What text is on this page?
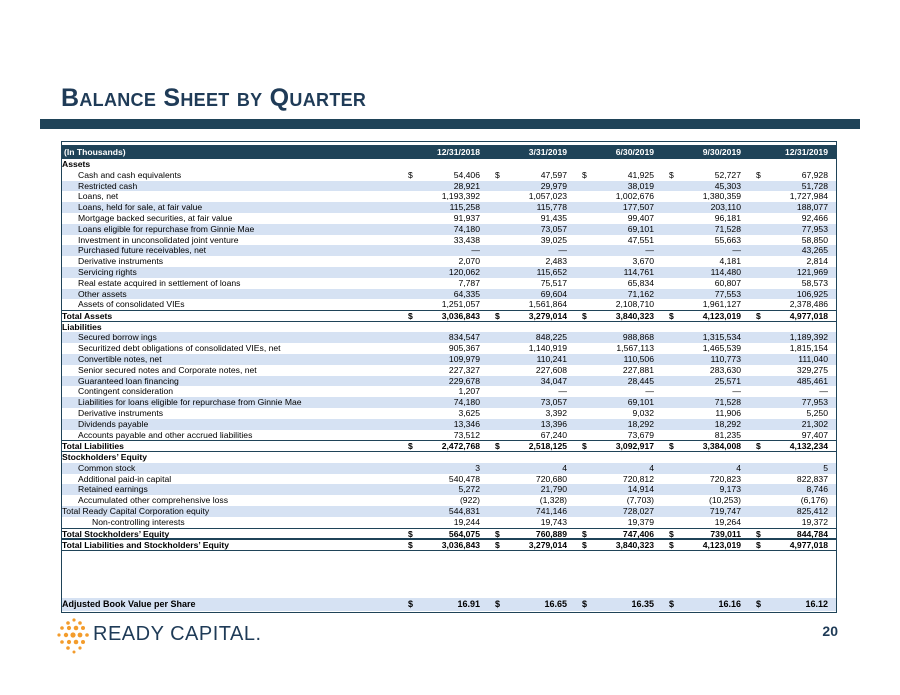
Balance Sheet by Quarter
(In Thousands)	12/31/2018	3/31/2019	6/30/2019	9/30/2019	12/31/2019
Assets
Cash and cash equivalents	$	54,406 $	47,597 $	41,925 $	52,727 $	67,928
Restricted cash	28,921	29,979	38,019	45,303	51,728
Loans, net	1,193,392	1,057,023	1,002,676	1,380,359	1,727,984
Loans, held for sale, at fair value	115,258	115,778	177,507	203,110	188,077
Mortgage backed securities, at fair value	91,937	91,435	99,407	96,181	92,466
Loans eligible for repurchase from Ginnie Mae	74,180	73,057	69,101	71,528	77,953
Investment in unconsolidated joint venture	33,438	39,025	47,551	55,663	58,850
Purchased future receivables, net	—	—	—	—	43,265
Derivative instruments	2,070	2,483	3,670	4,181	2,814
Servicing rights	120,062	115,652	114,761	114,480	121,969
Real estate acquired in settlement of loans	7,787	75,517	65,834	60,807	58,573
Other assets	64,335	69,604	71,162	77,553	106,925
Assets of consolidated VIEs	1,251,057	1,561,864	2,108,710	1,961,127	2,378,486
Total Assets	$	3,036,843 $	3,279,014 $	3,840,323 $	4,123,019 $	4,977,018
Liabilities
Secured borrow ings	834,547	848,225	988,868	1,315,534	1,189,392
Securitized debt obligations of consolidated VIEs, net	905,367	1,140,919	1,567,113	1,465,539	1,815,154
Convertible notes, net	109,979	110,241	110,506	110,773	111,040
Senior secured notes and Corporate notes, net	227,327	227,608	227,881	283,630	329,275
Guaranteed loan financing	229,678	34,047	28,445	25,571	485,461
Contingent consideration	1,207	—	—	—	—
Liabilities for loans eligible for repurchase from Ginnie Mae	74,180	73,057	69,101	71,528	77,953
Derivative instruments	3,625	3,392	9,032	11,906	5,250
Dividends payable	13,346	13,396	18,292	18,292	21,302
Accounts payable and other accrued liabilities	73,512	67,240	73,679	81,235	97,407
Total Liabilities	$	2,472,768 $	2,518,125 $	3,092,917 $	3,384,008 $	4,132,234
Stockholders’ Equity
Common stock	3	4	4	4	5
Additional paid-in capital	540,478	720,680	720,812	720,823	822,837
Retained earnings	5,272	21,790	14,914	9,173	8,746
Accumulated other comprehensive loss	(922)	(1,328)	(7,703)	(10,253)	(6,176)
Total Ready Capital Corporation equity	544,831	741,146	728,027	719,747	825,412
Non-controlling interests	19,244	19,743	19,379	19,264	19,372
Total Stockholders’ Equity	$	564,075 $	760,889 $	747,406 $	739,011 $	844,784
Total Liabilities and Stockholders’ Equity	$	3,036,843 $	3,279,014 $	3,840,323 $	4,123,019 $	4,977,018
Adjusted Book Value per Share	$	16.91 $	16.65 $	16.35 $	16.16 $	16.12
READY CAPITAL.	20
